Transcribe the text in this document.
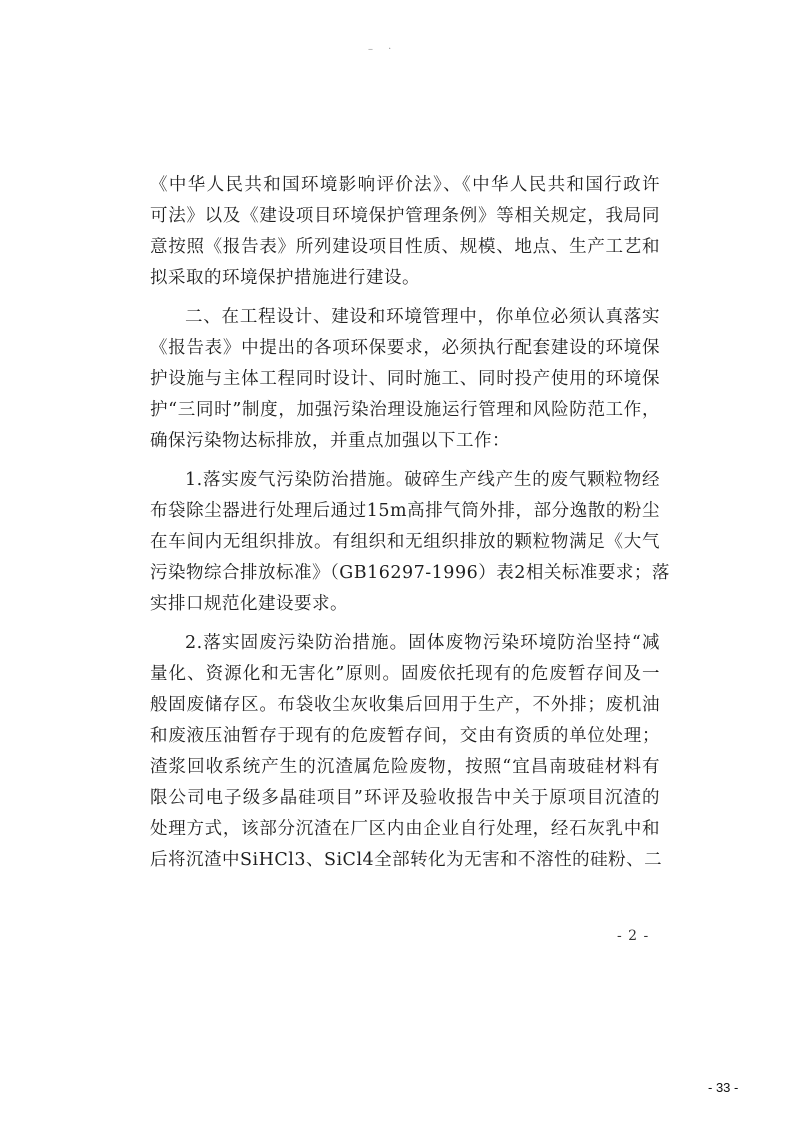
– ·
《中华人民共和国环境影响评价法》、《中华人民共和国行政许
可法》以及《建设项目环境保护管理条例》等相关规定，我局同
意按照《报告表》所列建设项目性质、规模、地点、生产工艺和
拟采取的环境保护措施进行建设。
二、在工程设计、建设和环境管理中，你单位必须认真落实
《报告表》中提出的各项环保要求，必须执行配套建设的环境保
护设施与主体工程同时设计、同时施工、同时投产使用的环境保
护“三同时”制度，加强污染治理设施运行管理和风险防范工作，
确保污染物达标排放，并重点加强以下工作：
1.落实废气污染防治措施。破碎生产线产生的废气颗粒物经
布袋除尘器进行处理后通过15m高排气筒外排，部分逸散的粉尘
在车间内无组织排放。有组织和无组织排放的颗粒物满足《大气
污染物综合排放标准》（GB16297-1996）表2相关标准要求；落
实排口规范化建设要求。
2.落实固废污染防治措施。固体废物污染环境防治坚持“减
量化、资源化和无害化”原则。固废依托现有的危废暂存间及一
般固废储存区。布袋收尘灰收集后回用于生产，不外排；废机油
和废液压油暂存于现有的危废暂存间，交由有资质的单位处理；
渣浆回收系统产生的沉渣属危险废物，按照“宜昌南玻硅材料有
限公司电子级多晶硅项目”环评及验收报告中关于原项目沉渣的
处理方式，该部分沉渣在厂区内由企业自行处理，经石灰乳中和
后将沉渣中SiHCl3、SiCl4全部转化为无害和不溶性的硅粉、二
- 2 -
- 33 -
